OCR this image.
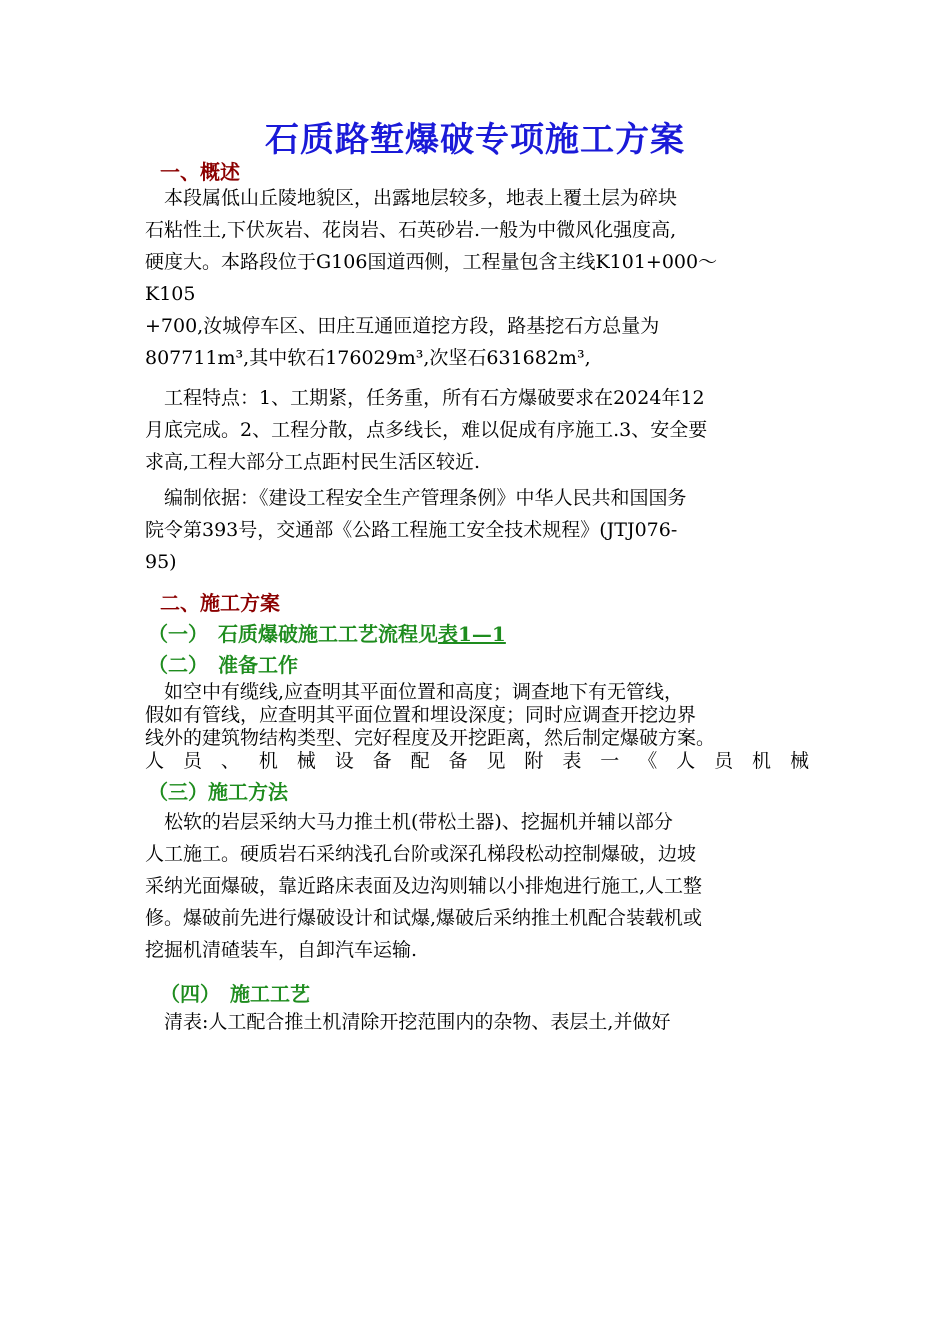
石质路堑爆破专项施工方案
一、概述
　本段属低山丘陵地貌区，出露地层较多，地表上覆土层为碎块
石粘性土,下伏灰岩、花岗岩、石英砂岩.一般为中微风化强度高,
硬度大。本路段位于G106国道西侧，工程量包含主线K101+000～
K105
+700,汝城停车区、田庄互通匝道挖方段，路基挖石方总量为
807711m³,其中软石176029m³,次坚石631682m³,
　工程特点：1、工期紧，任务重，所有石方爆破要求在2024年12
月底完成。2、工程分散，点多线长，难以促成有序施工.3、安全要
求高,工程大部分工点距村民生活区较近.
　编制依据：《建设工程安全生产管理条例》中华人民共和国国务
院令第393号，交通部《公路工程施工安全技术规程》(JTJ076-
95)
二、施工方案
（一）　石质爆破施工工艺流程见表1—1
（二）　准备工作
　如空中有缆线,应查明其平面位置和高度；调查地下有无管线，
假如有管线，应查明其平面位置和埋设深度；同时应调查开挖边界
线外的建筑物结构类型、完好程度及开挖距离，然后制定爆破方案。
人员、机械设备配备见附表一《人员机械
（三）施工方法
　松软的岩层采纳大马力推土机(带松土器)、挖掘机并辅以部分
人工施工。硬质岩石采纳浅孔台阶或深孔梯段松动控制爆破，边坡
采纳光面爆破，靠近路床表面及边沟则辅以小排炮进行施工,人工整
修。爆破前先进行爆破设计和试爆,爆破后采纳推土机配合装载机或
挖掘机清碴装车，自卸汽车运输.
（四）　施工工艺
　清表:人工配合推土机清除开挖范围内的杂物、表层土,并做好
